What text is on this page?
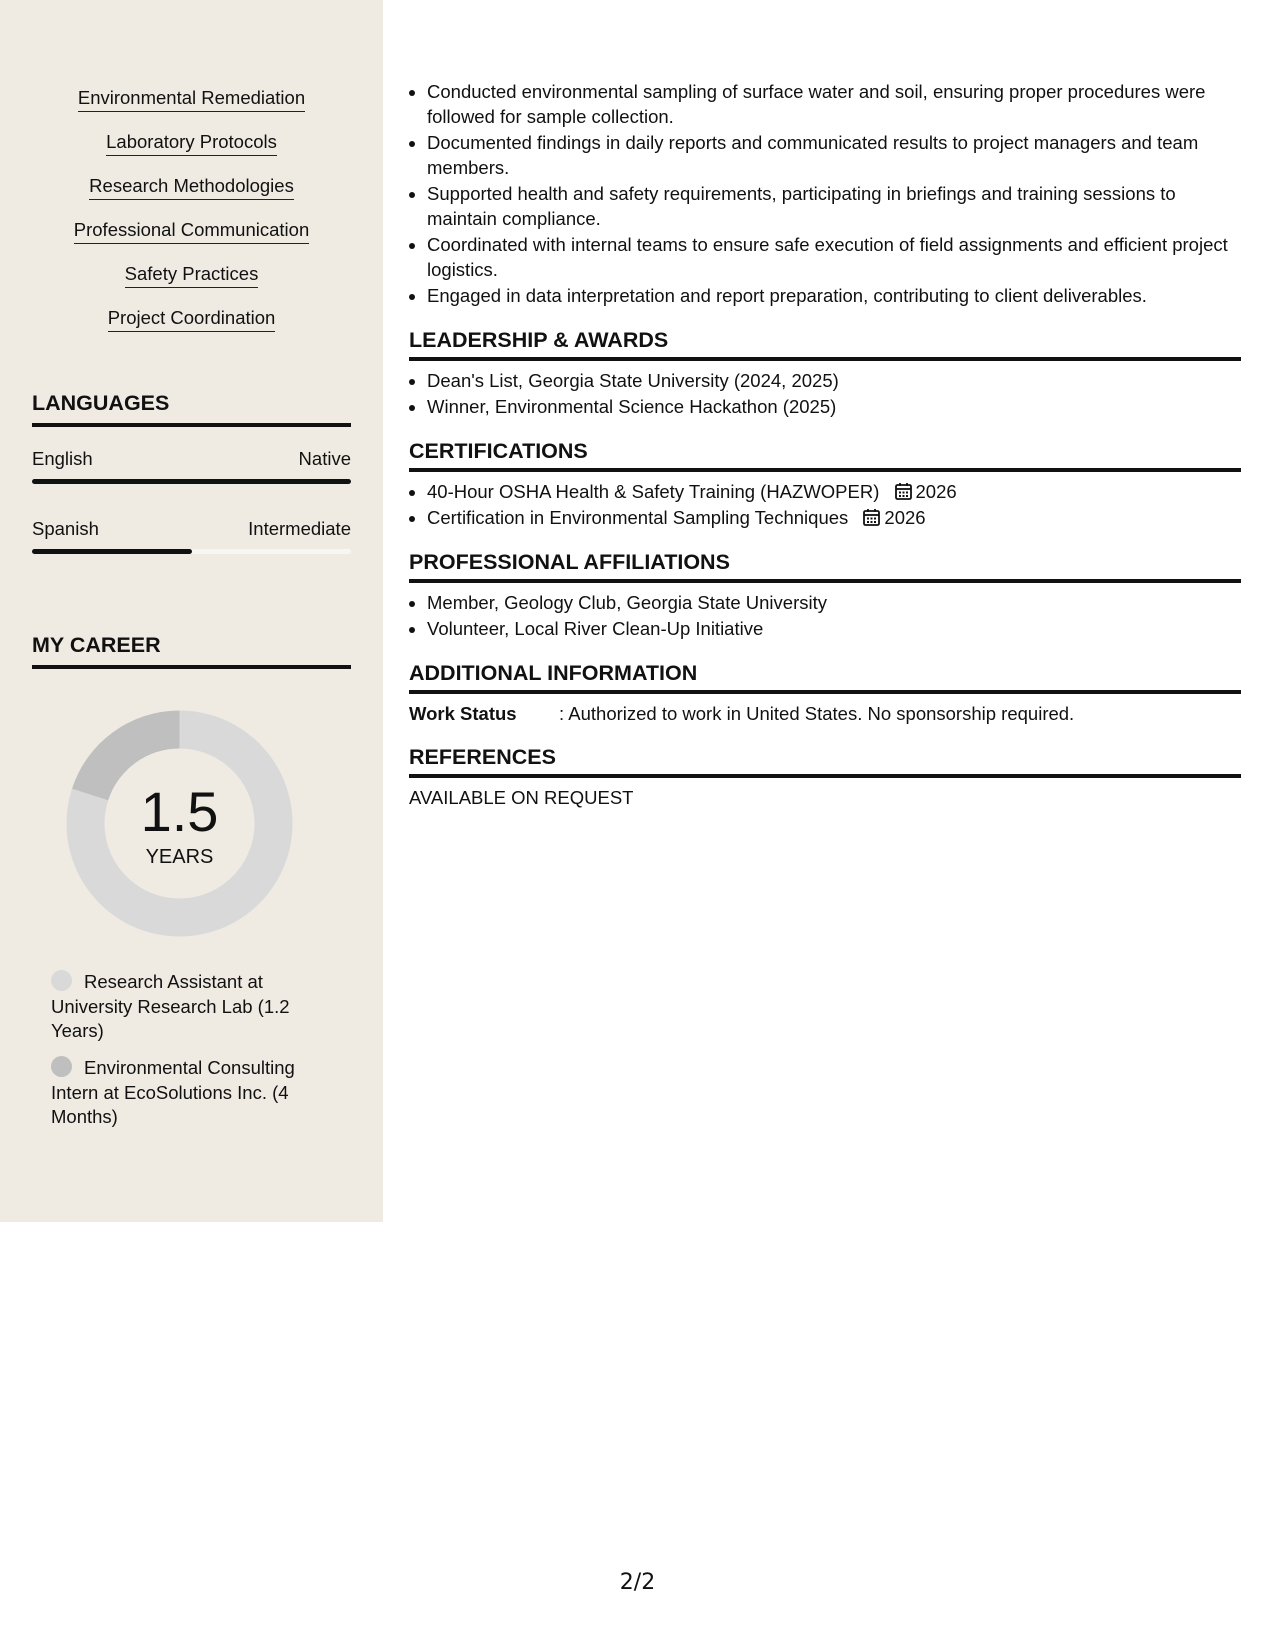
Environmental Remediation
Laboratory Protocols
Research Methodologies
Professional Communication
Safety Practices
Project Coordination
LANGUAGES
English	Native
Spanish	Intermediate
MY CAREER
1.5
YEARS
Research Assistant at University Research Lab (1.2 Years)
Environmental Consulting Intern at EcoSolutions Inc. (4 Months)
• Conducted environmental sampling of surface water and soil, ensuring proper procedures were followed for sample collection.
• Documented findings in daily reports and communicated results to project managers and team members.
• Supported health and safety requirements, participating in briefings and training sessions to maintain compliance.
• Coordinated with internal teams to ensure safe execution of field assignments and efficient project logistics.
• Engaged in data interpretation and report preparation, contributing to client deliverables.
LEADERSHIP & AWARDS
• Dean's List, Georgia State University (2024, 2025)
• Winner, Environmental Science Hackathon (2025)
CERTIFICATIONS
• 40-Hour OSHA Health & Safety Training (HAZWOPER) 2026
• Certification in Environmental Sampling Techniques 2026
PROFESSIONAL AFFILIATIONS
• Member, Geology Club, Georgia State University
• Volunteer, Local River Clean-Up Initiative
ADDITIONAL INFORMATION
Work Status	: Authorized to work in United States. No sponsorship required.
REFERENCES
AVAILABLE ON REQUEST
2/2
